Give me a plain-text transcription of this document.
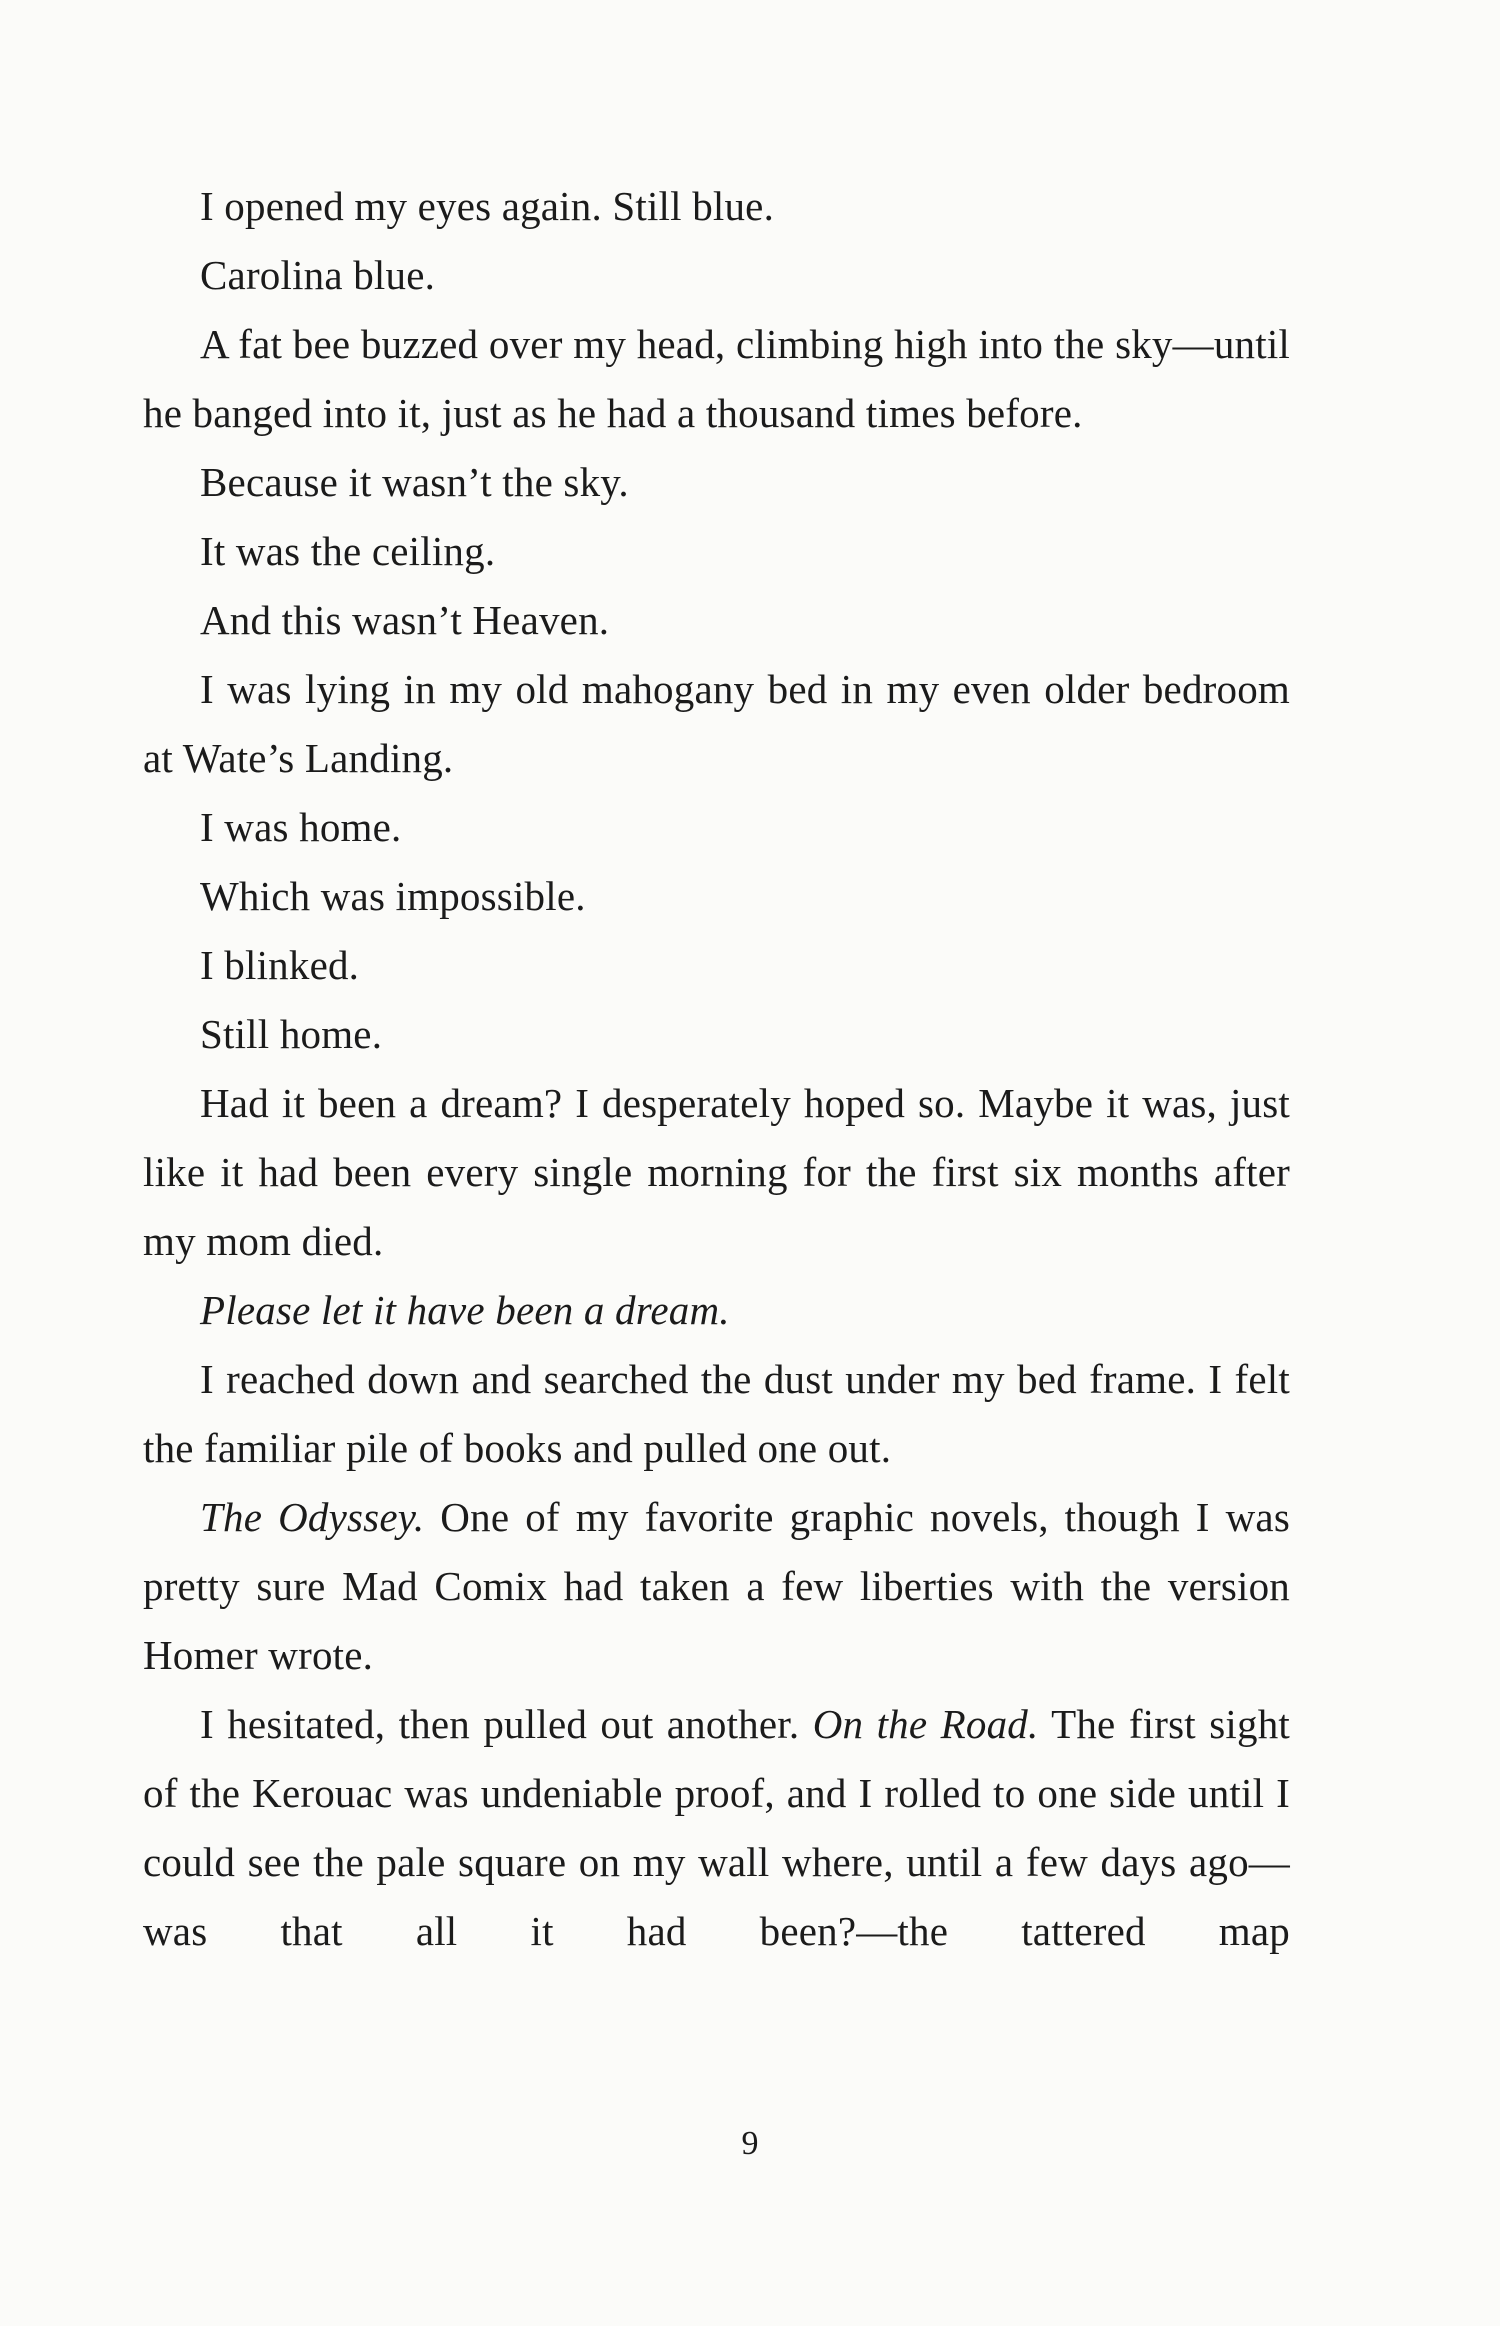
I opened my eyes again. Still blue.

Carolina blue.

A fat bee buzzed over my head, climbing high into the sky—until he banged into it, just as he had a thousand times before.

Because it wasn’t the sky.

It was the ceiling.

And this wasn’t Heaven.

I was lying in my old mahogany bed in my even older bedroom at Wate’s Landing.

I was home.

Which was impossible.

I blinked.

Still home.

Had it been a dream? I desperately hoped so. Maybe it was, just like it had been every single morning for the first six months after my mom died.

Please let it have been a dream.

I reached down and searched the dust under my bed frame. I felt the familiar pile of books and pulled one out.

The Odyssey. One of my favorite graphic novels, though I was pretty sure Mad Comix had taken a few liberties with the version Homer wrote.

I hesitated, then pulled out another. On the Road. The first sight of the Kerouac was undeniable proof, and I rolled to one side until I could see the pale square on my wall where, until a few days ago—was that all it had been?—the tattered map

9
